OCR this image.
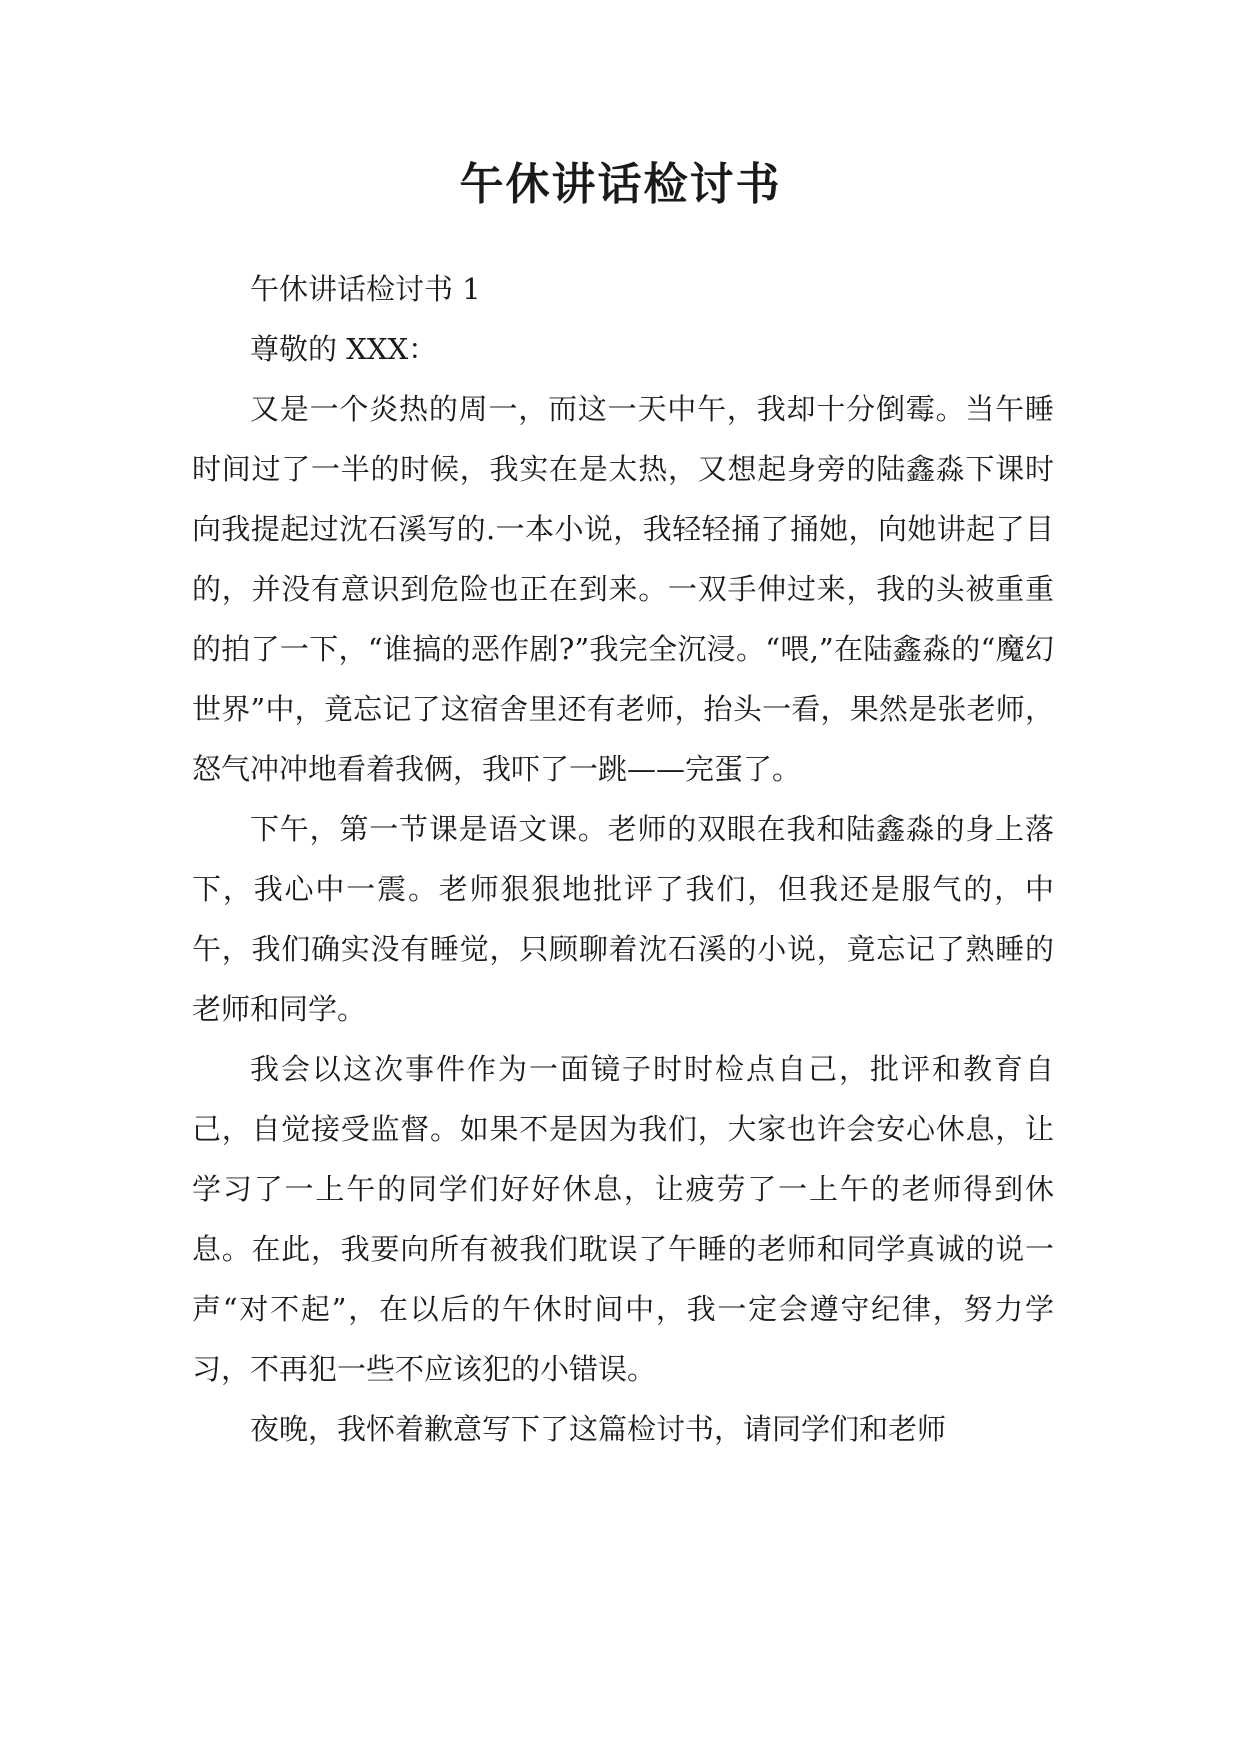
午休讲话检讨书

午休讲话检讨书 1

尊敬的 XXX：

又是一个炎热的周一，而这一天中午，我却十分倒霉。当午睡时间过了一半的时候，我实在是太热，又想起身旁的陆鑫淼下课时向我提起过沈石溪写的.一本小说，我轻轻捅了捅她，向她讲起了目的，并没有意识到危险也正在到来。一双手伸过来，我的头被重重的拍了一下，“谁搞的恶作剧?”我完全沉浸。“喂,”在陆鑫淼的“魔幻世界”中，竟忘记了这宿舍里还有老师，抬头一看，果然是张老师，怒气冲冲地看着我俩，我吓了一跳——完蛋了。

下午，第一节课是语文课。老师的双眼在我和陆鑫淼的身上落下，我心中一震。老师狠狠地批评了我们，但我还是服气的，中午，我们确实没有睡觉，只顾聊着沈石溪的小说，竟忘记了熟睡的老师和同学。

我会以这次事件作为一面镜子时时检点自己，批评和教育自己，自觉接受监督。如果不是因为我们，大家也许会安心休息，让学习了一上午的同学们好好休息，让疲劳了一上午的老师得到休息。在此，我要向所有被我们耽误了午睡的老师和同学真诚的说一声“对不起”，在以后的午休时间中，我一定会遵守纪律，努力学习，不再犯一些不应该犯的小错误。

夜晚，我怀着歉意写下了这篇检讨书，请同学们和老师
